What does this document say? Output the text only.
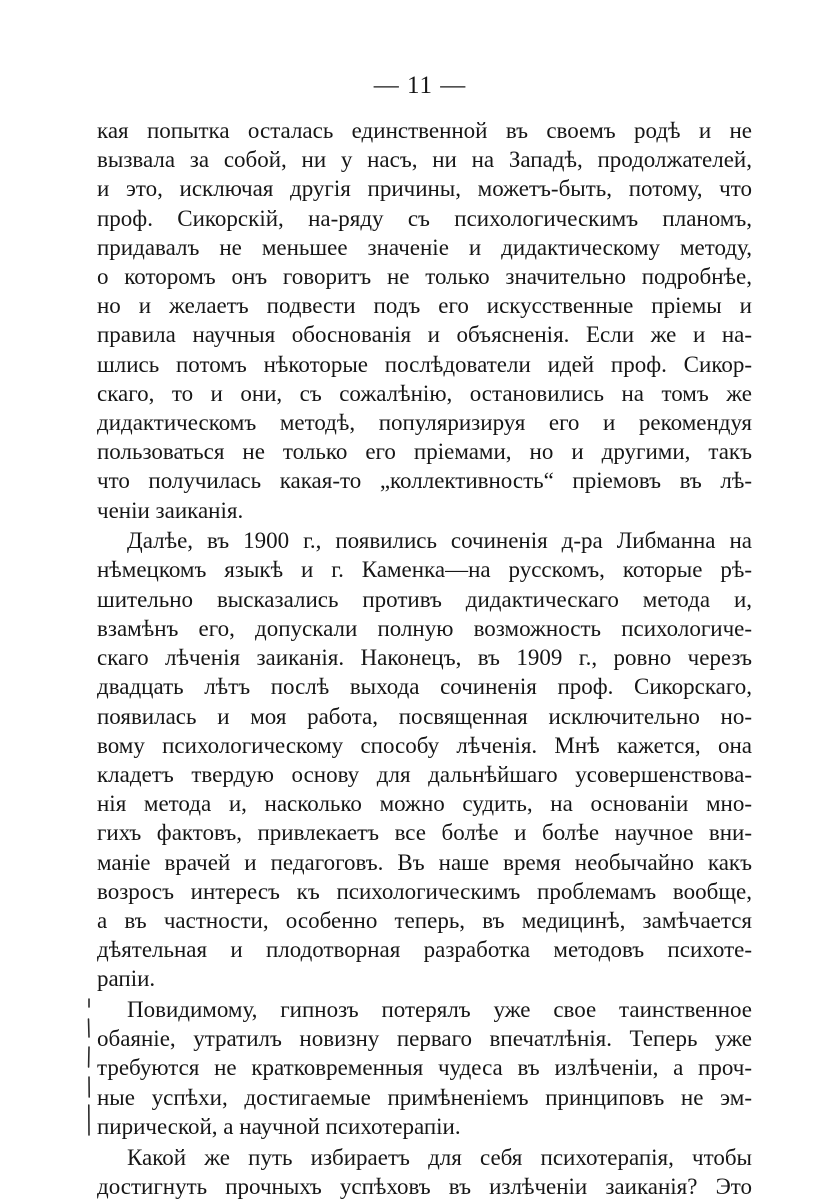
— 11 —
кая попытка осталась единственной въ своемъ родѣ и не
вызвала за собой, ни у насъ, ни на Западѣ, продолжателей,
и это, исключая другія причины, можетъ-быть, потому, что
проф. Сикорскій, на-ряду съ психологическимъ планомъ,
придавалъ не меньшее значеніе и дидактическому методу,
о которомъ онъ говоритъ не только значительно подробнѣе,
но и желаетъ подвести подъ его искусственные пріемы и
правила научныя обоснованія и объясненія. Если же и на-
шлись потомъ нѣкоторые послѣдователи идей проф. Сикор-
скаго, то и они, съ сожалѣнію, остановились на томъ же
дидактическомъ методѣ, популяризируя его и рекомендуя
пользоваться не только его пріемами, но и другими, такъ
что получилась какая-то „коллективность“ пріемовъ въ лѣ-
ченіи заиканія.
Далѣе, въ 1900 г., появились сочиненія д-ра Либманна на
нѣмецкомъ языкѣ и г. Каменка—на русскомъ, которые рѣ-
шительно высказались противъ дидактическаго метода и,
взамѣнъ его, допускали полную возможность психологиче-
скаго лѣченія заиканія. Наконецъ, въ 1909 г., ровно черезъ
двадцать лѣтъ послѣ выхода сочиненія проф. Сикорскаго,
появилась и моя работа, посвященная исключительно но-
вому психологическому способу лѣченія. Мнѣ кажется, она
кладетъ твердую основу для дальнѣйшаго усовершенствова-
нія метода и, насколько можно судить, на основаніи мно-
гихъ фактовъ, привлекаетъ все болѣе и болѣе научное вни-
маніе врачей и педагоговъ. Въ наше время необычайно какъ
возросъ интересъ къ психологическимъ проблемамъ вообще,
а въ частности, особенно теперь, въ медицинѣ, замѣчается
дѣятельная и плодотворная разработка методовъ психоте-
рапіи.
Повидимому, гипнозъ потерялъ уже свое таинственное
обаяніе, утратилъ новизну перваго впечатлѣнія. Теперь уже
требуются не кратковременныя чудеса въ излѣченіи, а проч-
ные успѣхи, достигаемые примѣненіемъ принциповъ не эм-
пирической, а научной психотерапіи.
Какой же путь избираетъ для себя психотерапія, чтобы
достигнуть прочныхъ успѣховъ въ излѣченіи заиканія? Это
